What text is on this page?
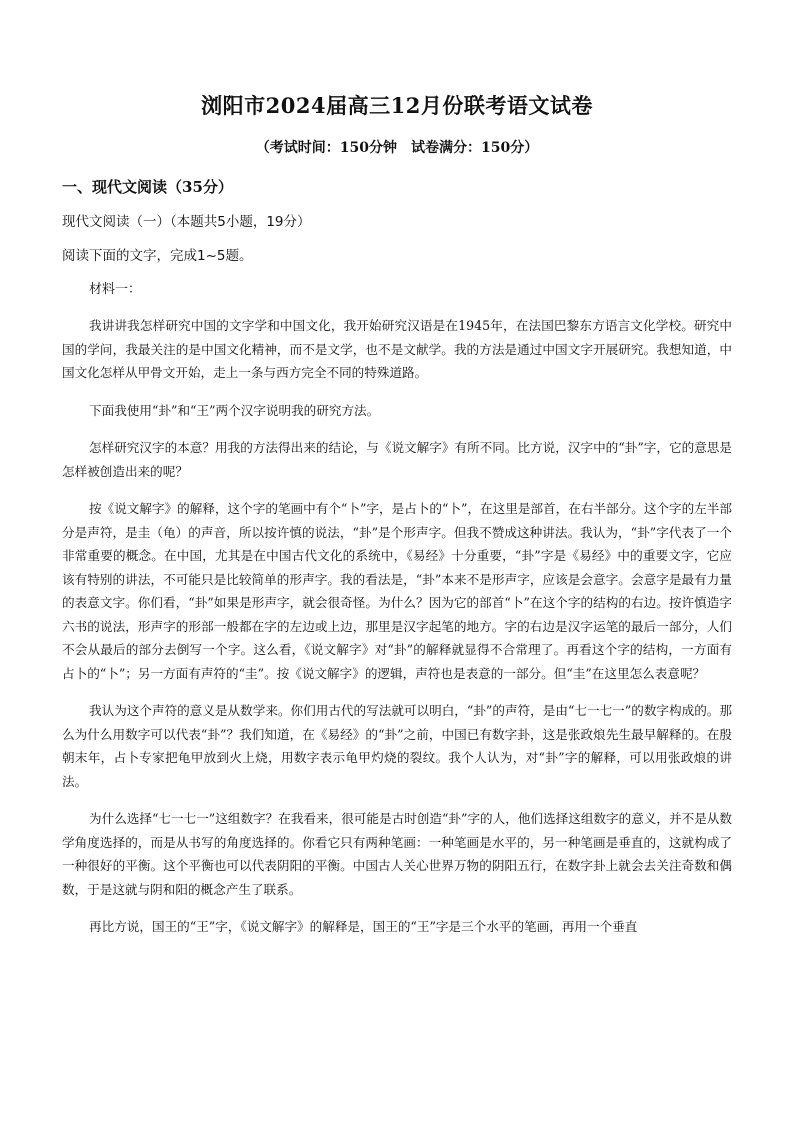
浏阳市2024届高三12月份联考语文试卷
（考试时间：150分钟　试卷满分：150分）
一、现代文阅读（35分）
现代文阅读（一）（本题共5小题，19分）
阅读下面的文字，完成1~5题。
材料一：

我讲讲我怎样研究中国的文字学和中国文化，我开始研究汉语是在1945年，在法国巴黎东方语言文化学校。研究中国的学问，我最关注的是中国文化精神，而不是文学，也不是文献学。我的方法是通过中国文字开展研究。我想知道，中国文化怎样从甲骨文开始，走上一条与西方完全不同的特殊道路。

下面我使用“卦”和“王”两个汉字说明我的研究方法。

怎样研究汉字的本意？用我的方法得出来的结论，与《说文解字》有所不同。比方说，汉字中的“卦”字，它的意思是怎样被创造出来的呢？

按《说文解字》的解释，这个字的笔画中有个“卜”字，是占卜的“卜”，在这里是部首，在右半部分。这个字的左半部分是声符，是圭（龟）的声音，所以按许慎的说法，“卦”是个形声字。但我不赞成这种讲法。我认为，“卦”字代表了一个非常重要的概念。在中国，尤其是在中国古代文化的系统中，《易经》十分重要，“卦”字是《易经》中的重要文字，它应该有特别的讲法，不可能只是比较简单的形声字。我的看法是，“卦”本来不是形声字，应该是会意字。会意字是最有力量的表意文字。你们看，“卦”如果是形声字，就会很奇怪。为什么？因为它的部首“卜”在这个字的结构的右边。按许慎造字六书的说法，形声字的形部一般都在字的左边或上边，那里是汉字起笔的地方。字的右边是汉字运笔的最后一部分，人们不会从最后的部分去倒写一个字。这么看，《说文解字》对“卦”的解释就显得不合常理了。再看这个字的结构，一方面有占卜的“卜”；另一方面有声符的“圭”。按《说文解字》的逻辑，声符也是表意的一部分。但“圭”在这里怎么表意呢？

我认为这个声符的意义是从数学来。你们用古代的写法就可以明白，“卦”的声符，是由“七一七一”的数字构成的。那么为什么用数字可以代表“卦”？我们知道，在《易经》的“卦”之前，中国已有数字卦，这是张政烺先生最早解释的。在殷朝末年，占卜专家把龟甲放到火上烧，用数字表示龟甲灼烧的裂纹。我个人认为，对“卦”字的解释，可以用张政烺的讲法。

为什么选择“七一七一”这组数字？在我看来，很可能是古时创造“卦”字的人，他们选择这组数字的意义，并不是从数学角度选择的，而是从书写的角度选择的。你看它只有两种笔画：一种笔画是水平的，另一种笔画是垂直的，这就构成了一种很好的平衡。这个平衡也可以代表阴阳的平衡。中国古人关心世界万物的阴阳五行，在数字卦上就会去关注奇数和偶数，于是这就与阴和阳的概念产生了联系。

再比方说，国王的“王”字，《说文解字》的解释是，国王的“王”字是三个水平的笔画，再用一个垂直
